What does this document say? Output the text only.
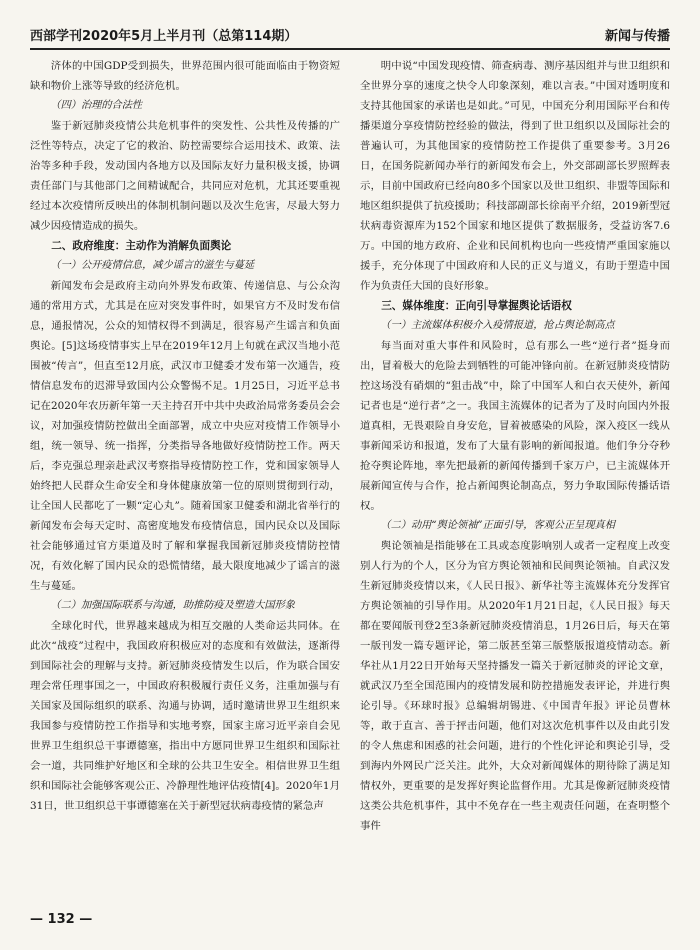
西部学刊2020年5月上半月刊（总第114期）	新闻与传播

济体的中国GDP受到损失，世界范围内很可能面临由于物资短缺和物价上涨等导致的经济危机。

（四）治理的合法性

鉴于新冠肺炎疫情公共危机事件的突发性、公共性及传播的广泛性等特点，决定了它的救治、防控需要综合运用技术、政策、法治等多种手段，发动国内各地方以及国际友好力量积极支援，协调责任部门与其他部门之间精诚配合，共同应对危机，尤其还要重视经过本次疫情所反映出的体制机制问题以及次生危害，尽最大努力减少因疫情造成的损失。

二、政府维度：主动作为消解负面舆论
（一）公开疫情信息，减少谣言的滋生与蔓延

新闻发布会是政府主动向外界发布政策、传递信息、与公众沟通的常用方式，尤其是在应对突发事件时，如果官方不及时发布信息，通报情况，公众的知情权得不到满足，很容易产生谣言和负面舆论。[5]这场疫情事实上早在2019年12月上旬就在武汉当地小范围被“传言”，但直至12月底，武汉市卫健委才发布第一次通告，疫情信息发布的迟滞导致国内公众警惕不足。1月25日，习近平总书记在2020年农历新年第一天主持召开中共中央政治局常务委员会会议，对加强疫情防控做出全面部署，成立中央应对疫情工作领导小组，统一领导、统一指挥，分类指导各地做好疫情防控工作。两天后，李克强总理亲赴武汉考察指导疫情防控工作，党和国家领导人始终把人民群众生命安全和身体健康放第一位的原则贯彻到行动，让全国人民都吃了一颗“定心丸”。随着国家卫健委和湖北省举行的新闻发布会每天定时、高密度地发布疫情信息，国内民众以及国际社会能够通过官方渠道及时了解和掌握我国新冠肺炎疫情防控情况，有效化解了国内民众的恐慌情绪，最大限度地减少了谣言的滋生与蔓延。

（二）加强国际联系与沟通，助推防疫及塑造大国形象

全球化时代，世界越来越成为相互交融的人类命运共同体。在此次“战疫”过程中，我国政府积极应对的态度和有效做法，逐渐得到国际社会的理解与支持。新冠肺炎疫情发生以后，作为联合国安理会常任理事国之一，中国政府积极履行责任义务，注重加强与有关国家及国际组织的联系、沟通与协调，适时邀请世界卫生组织来我国参与疫情防控工作指导和实地考察，国家主席习近平亲自会见世界卫生组织总干事谭德塞，指出中方愿同世界卫生组织和国际社会一道，共同维护好地区和全球的公共卫生安全。相信世界卫生组织和国际社会能够客观公正、冷静理性地评估疫情[4]。2020年1月31日，世卫组织总干事谭德塞在关于新型冠状病毒疫情的紧急声

明中说“中国发现疫情、筛查病毒、测序基因组并与世卫组织和全世界分享的速度之快令人印象深刻，难以言表。”中国对透明度和支持其他国家的承诺也是如此。”可见，中国充分利用国际平台和传播渠道分享疫情防控经验的做法，得到了世卫组织以及国际社会的普遍认可，为其他国家的疫情防控工作提供了重要参考。3月26日，在国务院新闻办举行的新闻发布会上，外交部副部长罗照辉表示，目前中国政府已经向80多个国家以及世卫组织、非盟等国际和地区组织提供了抗疫援助；科技部副部长徐南平介绍，2019新型冠状病毒资源库为152个国家和地区提供了数据服务，受益访客7.6万。中国的地方政府、企业和民间机构也向一些疫情严重国家施以援手，充分体现了中国政府和人民的正义与道义，有助于塑造中国作为负责任大国的良好形象。

三、媒体维度：正向引导掌握舆论话语权
（一）主流媒体积极介入疫情报道，抢占舆论制高点

每当面对重大事件和风险时，总有那么一些“逆行者”挺身而出，冒着极大的危险去到牺牲的可能冲锋向前。在新冠肺炎疫情防控这场没有硝烟的“狙击战”中，除了中国军人和白衣天使外，新闻记者也是“逆行者”之一。我国主流媒体的记者为了及时向国内外报道真相，无畏艰险自身安危，冒着被感染的风险，深入疫区一线从事新闻采访和报道，发布了大量有影响的新闻报道。他们争分夺秒抢夺舆论阵地，率先把最新的新闻传播到千家万户，已主流媒体开展新闻宣传与合作，抢占新闻舆论制高点，努力争取国际传播话语权。

（二）动用“舆论领袖”正面引导，客观公正呈现真相

舆论领袖是指能够在工具或态度影响别人或者一定程度上改变别人行为的个人，区分为官方舆论领袖和民间舆论领袖。自武汉发生新冠肺炎疫情以来，《人民日报》、新华社等主流媒体充分发挥官方舆论领袖的引导作用。从2020年1月21日起，《人民日报》每天都在要闻版刊登2至3条新冠肺炎疫情消息，1月26日后，每天在第一版刊发一篇专题评论，第二版甚至第三版整版报道疫情动态。新华社从1月22日开始每天坚持播发一篇关于新冠肺炎的评论文章，就武汉乃至全国范围内的疫情发展和防控措施发表评论，并进行舆论引导。《环球时报》总编辑胡锡进、《中国青年报》评论员曹林等，敢于直言、善于抨击问题，他们对这次危机事件以及由此引发的令人焦虑和困惑的社会问题，进行的个性化评论和舆论引导，受到海内外网民广泛关注。此外，大众对新闻媒体的期待除了满足知情权外，更重要的是发挥好舆论监督作用。尤其是像新冠肺炎疫情这类公共危机事件，其中不免存在一些主观责任问题，在查明整个事件

— 132 —
